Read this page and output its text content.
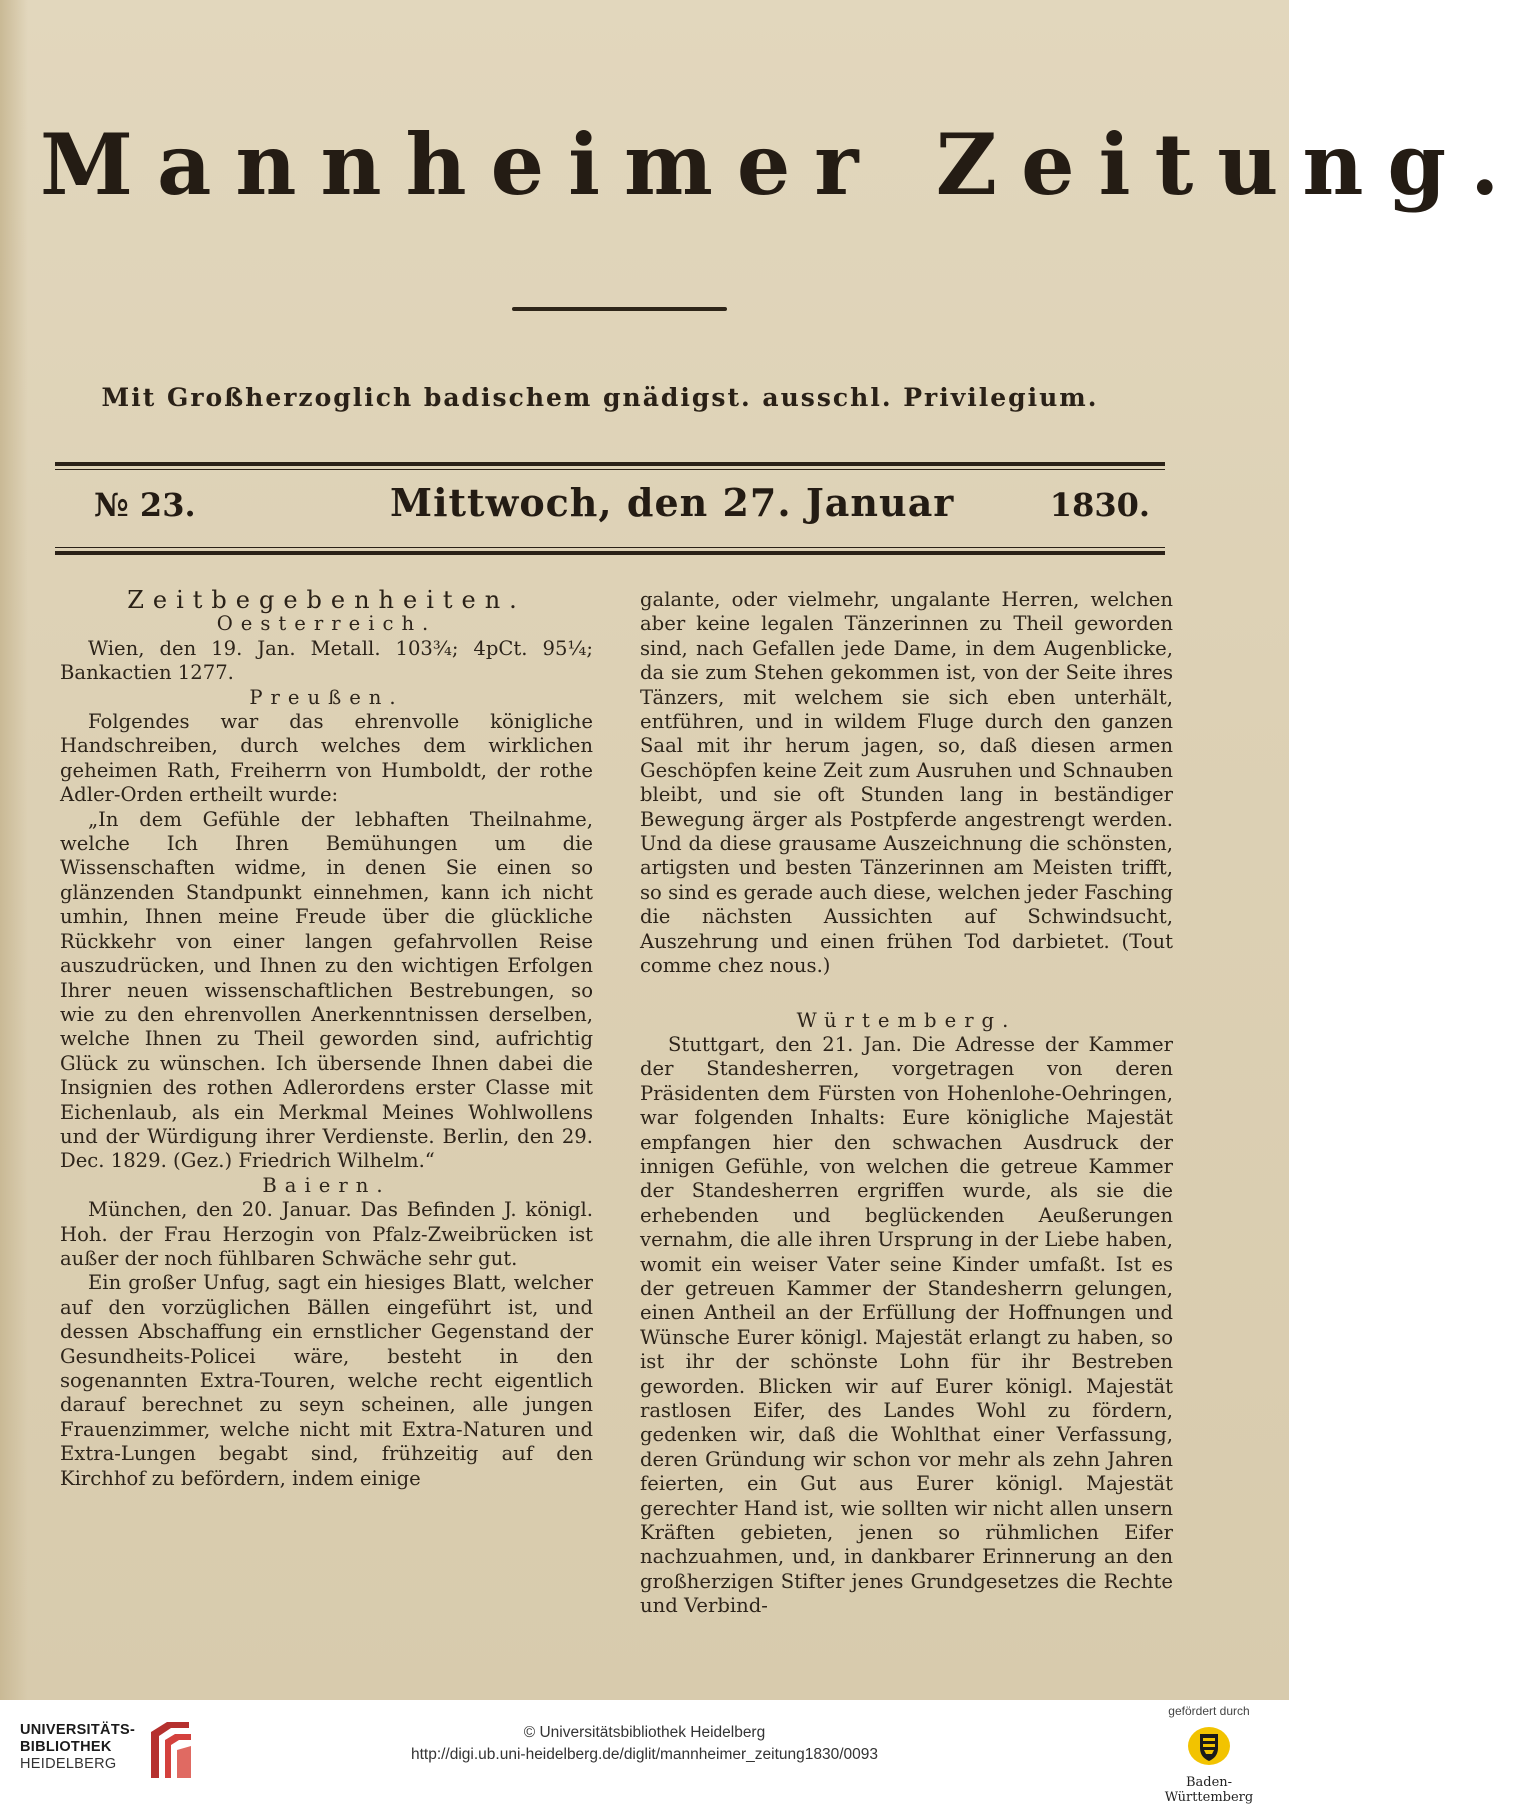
Mannheimer Zeitung.
Mit Großherzoglich badischem gnädigst. ausschl. Privilegium.
№ 23.	Mittwoch, den 27. Januar	1830.

Zeitbegebenheiten.

Oesterreich.

Wien, den 19. Jan. Metall. 103¾; 4pCt. 95¼; Bankactien 1277.

Preußen.

Folgendes war das ehrenvolle königliche Handschreiben, durch welches dem wirklichen geheimen Rath, Freiherrn von Humboldt, der rothe Adler-Orden ertheilt wurde:

„In dem Gefühle der lebhaften Theilnahme, welche Ich Ihren Bemühungen um die Wissenschaften widme, in denen Sie einen so glänzenden Standpunkt einnehmen, kann ich nicht umhin, Ihnen meine Freude über die glückliche Rückkehr von einer langen gefahrvollen Reise auszudrücken, und Ihnen zu den wichtigen Erfolgen Ihrer neuen wissenschaftlichen Bestrebungen, so wie zu den ehrenvollen Anerkenntnissen derselben, welche Ihnen zu Theil geworden sind, aufrichtig Glück zu wünschen. Ich übersende Ihnen dabei die Insignien des rothen Adlerordens erster Classe mit Eichenlaub, als ein Merkmal Meines Wohlwollens und der Würdigung ihrer Verdienste. Berlin, den 29. Dec. 1829. (Gez.) Friedrich Wilhelm.“

Baiern.

München, den 20. Januar. Das Befinden J. königl. Hoh. der Frau Herzogin von Pfalz-Zweibrücken ist außer der noch fühlbaren Schwäche sehr gut.

Ein großer Unfug, sagt ein hiesiges Blatt, welcher auf den vorzüglichen Bällen eingeführt ist, und dessen Abschaffung ein ernstlicher Gegenstand der Gesundheits-Policei wäre, besteht in den sogenannten Extra-Touren, welche recht eigentlich darauf berechnet zu seyn scheinen, alle jungen Frauenzimmer, welche nicht mit Extra-Naturen und Extra-Lungen begabt sind, frühzeitig auf den Kirchhof zu befördern, indem einige

galante, oder vielmehr, ungalante Herren, welchen aber keine legalen Tänzerinnen zu Theil geworden sind, nach Gefallen jede Dame, in dem Augenblicke, da sie zum Stehen gekommen ist, von der Seite ihres Tänzers, mit welchem sie sich eben unterhält, entführen, und in wildem Fluge durch den ganzen Saal mit ihr herum jagen, so, daß diesen armen Geschöpfen keine Zeit zum Ausruhen und Schnauben bleibt, und sie oft Stunden lang in beständiger Bewegung ärger als Postpferde angestrengt werden. Und da diese grausame Auszeichnung die schönsten, artigsten und besten Tänzerinnen am Meisten trifft, so sind es gerade auch diese, welchen jeder Fasching die nächsten Aussichten auf Schwindsucht, Auszehrung und einen frühen Tod darbietet. (Tout comme chez nous.)

Würtemberg.

Stuttgart, den 21. Jan. Die Adresse der Kammer der Standesherren, vorgetragen von deren Präsidenten dem Fürsten von Hohenlohe-Oehringen, war folgenden Inhalts: Eure königliche Majestät empfangen hier den schwachen Ausdruck der innigen Gefühle, von welchen die getreue Kammer der Standesherren ergriffen wurde, als sie die erhebenden und beglückenden Aeußerungen vernahm, die alle ihren Ursprung in der Liebe haben, womit ein weiser Vater seine Kinder umfaßt. Ist es der getreuen Kammer der Standesherrn gelungen, einen Antheil an der Erfüllung der Hoffnungen und Wünsche Eurer königl. Majestät erlangt zu haben, so ist ihr der schönste Lohn für ihr Bestreben geworden. Blicken wir auf Eurer königl. Majestät rastlosen Eifer, des Landes Wohl zu fördern, gedenken wir, daß die Wohlthat einer Verfassung, deren Gründung wir schon vor mehr als zehn Jahren feierten, ein Gut aus Eurer königl. Majestät gerechter Hand ist, wie sollten wir nicht allen unsern Kräften gebieten, jenen so rühmlichen Eifer nachzuahmen, und, in dankbarer Erinnerung an den großherzigen Stifter jenes Grundgesetzes die Rechte und Verbind-

UNIVERSITÄTS-
BIBLIOTHEK
HEIDELBERG
© Universitätsbibliothek Heidelberg
http://digi.ub.uni-heidelberg.de/diglit/mannheimer_zeitung1830/0093
gefördert durch
Baden-Württemberg
